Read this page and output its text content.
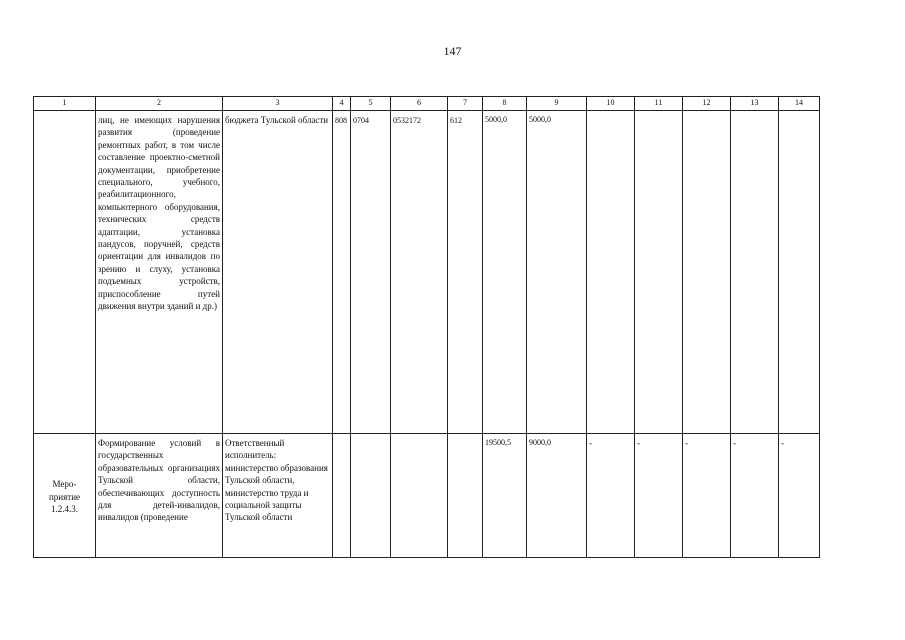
147
1	2	3	4	5	6	7	8	9	10	11	12	13	14

	лиц, не имеющих нарушения развития (проведение ремонтных работ, в том числе составление проектно-сметной документации, приобретение специального, учебного, реабилитационного, компьютерного оборудования, технических средств адаптации, установка пандусов, поручней, средств ориентации для инвалидов по зрению и слуху, установка подъемных устройств, приспособление путей движения внутри зданий и др.)	бюджета Тульской области	808	0704	0532172	612	5000,0	5000,0					

Меро-
приятие
1.2.4.3.	Формирование условий в государственных образовательных организациях Тульской области, обеспечивающих доступность для детей-инвалидов, инвалидов (проведение	Ответственный исполнитель: министерство образования Тульской области, министерство труда и социальной защиты Тульской области					19500,5	9000,0	-	-	-	-	-
